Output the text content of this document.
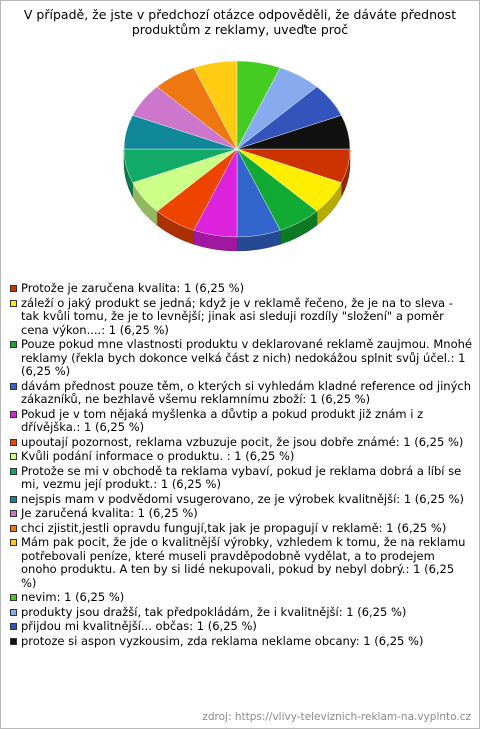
V případě, že jste v předchozí otázce odpověděli, že dáváte přednost produktům z reklamy, uveďte proč
Protože je zaručena kvalita: 1 (6,25 %)
záleží o jaký produkt se jedná; když je v reklamě řečeno, že je na to sleva - tak kvůli tomu, že je to levnější; jinak asi sleduji rozdíly "složení" a poměr cena výkon....: 1 (6,25 %)
Pouze pokud mne vlastnosti produktu v deklarované reklamě zaujmou. Mnohé reklamy (řekla bych dokonce velká část z nich) nedokážou splnit svůj účel.: 1 (6,25 %)
dávám přednost pouze těm, o kterých si vyhledám kladné reference od jiných zákazníků, ne bezhlavě všemu reklamnímu zboží: 1 (6,25 %)
Pokud je v tom nějaká myšlenka a důvtip a pokud produkt již znám i z dřívějška.: 1 (6,25 %)
upoutají pozornost, reklama vzbuzuje pocit, že jsou dobře známé: 1 (6,25 %)
Kvůli podání informace o produktu. : 1 (6,25 %)
Protože se mi v obchodě ta reklama vybaví, pokud je reklama dobrá a líbí se mi, vezmu její produkt.: 1 (6,25 %)
nejspis mam v podvědomi vsugerovano, ze je výrobek kvalitnější: 1 (6,25 %)
Je zaručená kvalita: 1 (6,25 %)
chci zjistit,jestli opravdu fungují,tak jak je propagují v reklamě: 1 (6,25 %)
Mám pak pocit, že jde o kvalitnější výrobky, vzhledem k tomu, že na reklamu potřebovali peníze, které museli pravděpodobně vydělat, a to prodejem onoho produktu. A ten by si lidé nekupovali, pokud by nebyl dobrý.: 1 (6,25 %)
nevim: 1 (6,25 %)
produkty jsou dražší, tak předpokládám, že i kvalitnější: 1 (6,25 %)
přijdou mi kvalitnější... občas: 1 (6,25 %)
protoze si aspon vyzkousim, zda reklama neklame obcany: 1 (6,25 %)
zdroj: https://vlivy-televiznich-reklam-na.vyplnto.cz
